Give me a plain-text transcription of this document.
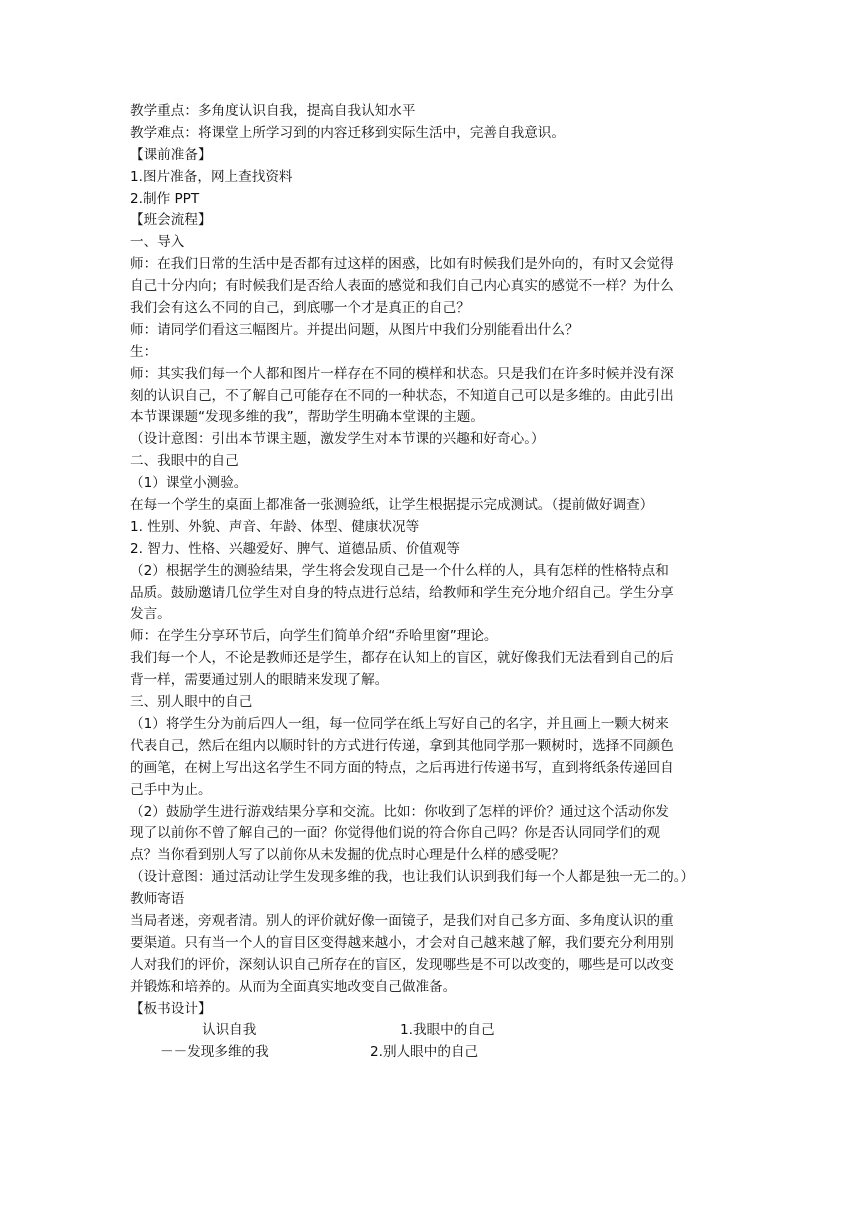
教学重点：多角度认识自我，提高自我认知水平
教学难点：将课堂上所学习到的内容迁移到实际生活中，完善自我意识。
【课前准备】
1.图片准备，网上查找资料
2.制作 PPT
【班会流程】
一、导入
师：在我们日常的生活中是否都有过这样的困惑，比如有时候我们是外向的，有时又会觉得
自己十分内向；有时候我们是否给人表面的感觉和我们自己内心真实的感觉不一样？为什么
我们会有这么不同的自己，到底哪一个才是真正的自己？
师：请同学们看这三幅图片。并提出问题，从图片中我们分别能看出什么？
生：
师：其实我们每一个人都和图片一样存在不同的模样和状态。只是我们在许多时候并没有深
刻的认识自己，不了解自己可能存在不同的一种状态，不知道自己可以是多维的。由此引出
本节课课题“发现多维的我”，帮助学生明确本堂课的主题。
（设计意图：引出本节课主题，激发学生对本节课的兴趣和好奇心。）
二、我眼中的自己
（1）课堂小测验。
在每一个学生的桌面上都准备一张测验纸，让学生根据提示完成测试。（提前做好调查）
1. 性别、外貌、声音、年龄、体型、健康状况等
2. 智力、性格、兴趣爱好、脾气、道德品质、价值观等
（2）根据学生的测验结果，学生将会发现自己是一个什么样的人，具有怎样的性格特点和
品质。鼓励邀请几位学生对自身的特点进行总结，给教师和学生充分地介绍自己。学生分享
发言。
师：在学生分享环节后，向学生们简单介绍“乔哈里窗”理论。
我们每一个人，不论是教师还是学生，都存在认知上的盲区，就好像我们无法看到自己的后
背一样，需要通过别人的眼睛来发现了解。
三、别人眼中的自己
（1）将学生分为前后四人一组，每一位同学在纸上写好自己的名字，并且画上一颗大树来
代表自己，然后在组内以顺时针的方式进行传递，拿到其他同学那一颗树时，选择不同颜色
的画笔，在树上写出这名学生不同方面的特点，之后再进行传递书写，直到将纸条传递回自
己手中为止。
（2）鼓励学生进行游戏结果分享和交流。比如：你收到了怎样的评价？通过这个活动你发
现了以前你不曾了解自己的一面？你觉得他们说的符合你自己吗？你是否认同同学们的观
点？当你看到别人写了以前你从未发掘的优点时心理是什么样的感受呢？
（设计意图：通过活动让学生发现多维的我，也让我们认识到我们每一个人都是独一无二的。）
教师寄语
当局者迷，旁观者清。别人的评价就好像一面镜子，是我们对自己多方面、多角度认识的重
要渠道。只有当一个人的盲目区变得越来越小，才会对自己越来越了解，我们要充分利用别
人对我们的评价，深刻认识自己所存在的盲区，发现哪些是不可以改变的，哪些是可以改变
并锻炼和培养的。从而为全面真实地改变自己做准备。
【板书设计】
认识自我	1.我眼中的自己
－－发现多维的我	2.别人眼中的自己
